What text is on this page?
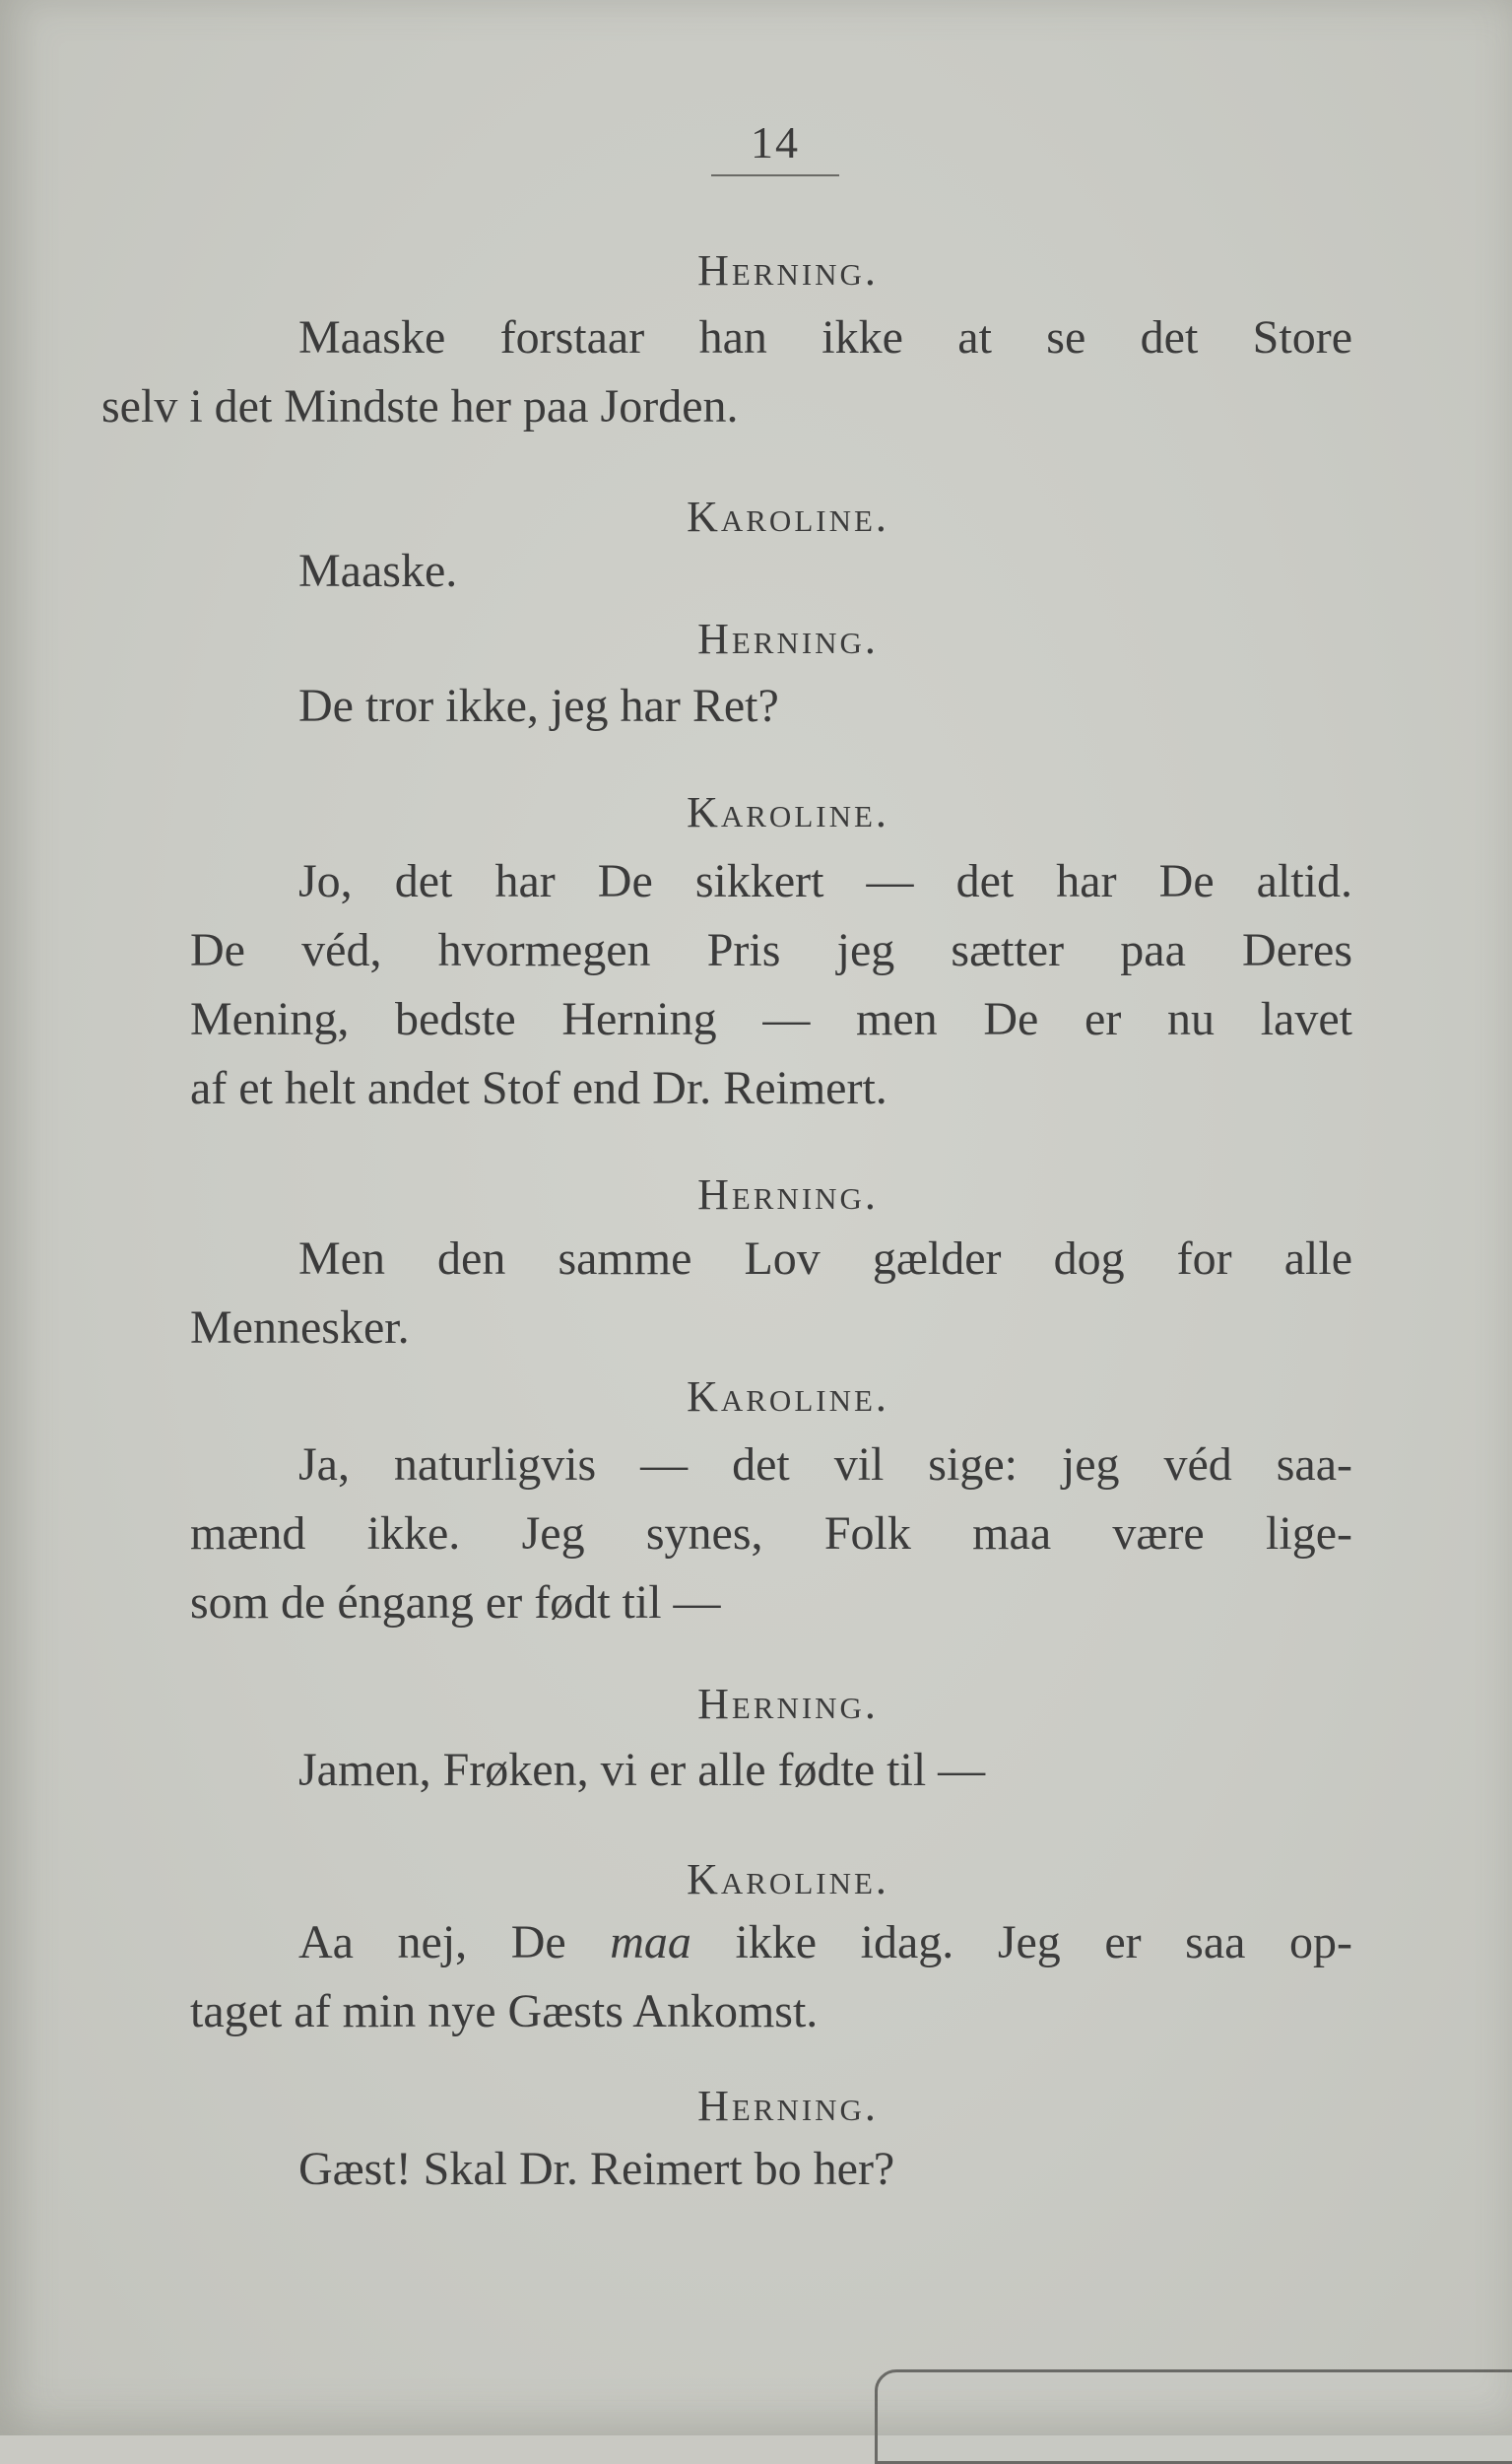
14
Herning.
Maaske forstaar han ikke at se det Store
selv i det Mindste her paa Jorden.
Karoline.
Maaske.
Herning.
De tror ikke, jeg har Ret?
Karoline.
Jo, det har De sikkert — det har De altid.
De véd, hvormegen Pris jeg sætter paa Deres
Mening, bedste Herning — men De er nu lavet
af et helt andet Stof end Dr. Reimert.
Herning.
Men den samme Lov gælder dog for alle
Mennesker.
Karoline.
Ja, naturligvis — det vil sige: jeg véd saa-
mænd ikke. Jeg synes, Folk maa være lige-
som de éngang er født til —
Herning.
Jamen, Frøken, vi er alle fødte til —
Karoline.
Aa nej, De maa ikke idag. Jeg er saa op-
taget af min nye Gæsts Ankomst.
Herning.
Gæst! Skal Dr. Reimert bo her?
